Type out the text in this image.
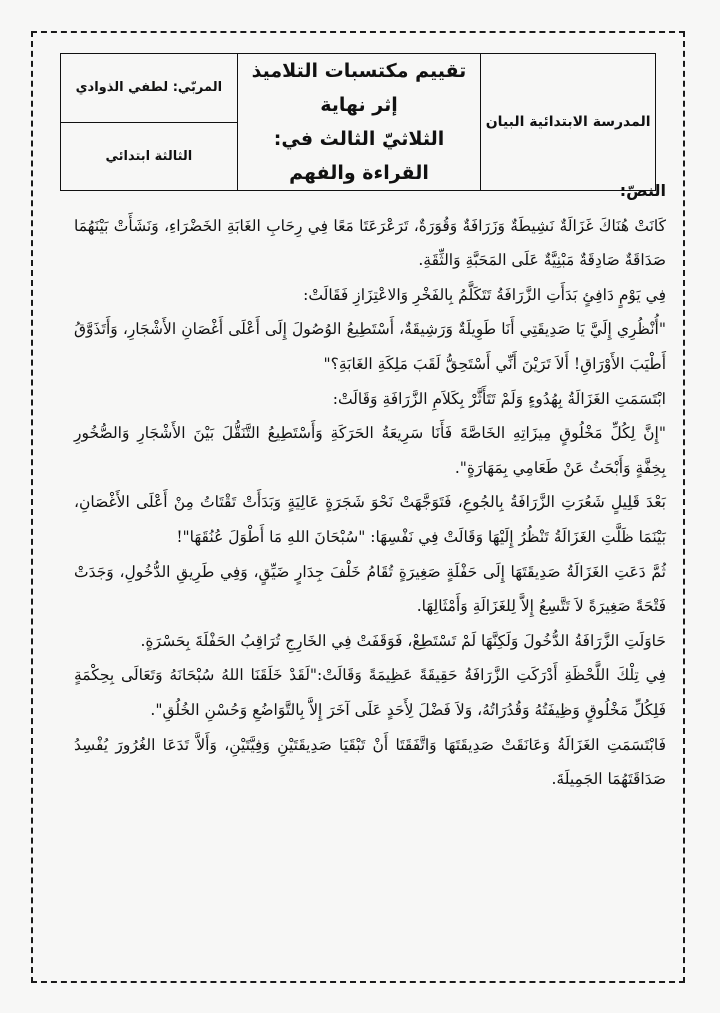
المدرسة الابتدائية البيان	
تقييم مكتسبات التلاميذ إثر نهاية
الثلاثيّ الثالث في: القراءة والفهم
	المربّي: لطفي الذوادي
الثالثة ابتدائي
النصّ:

كَانَتْ هُنَاكَ غَزَالَةٌ نَشِيطَةٌ وَزَرَافَةٌ وَقُوَرَةٌ، تَرَعْرَعَتَا مَعًا فِي رِحَابِ الغَابَةِ الخَضْرَاءِ، وَنَشَأَتْ بَيْنَهُمَا صَدَاقَةٌ صَادِقَةٌ مَبْنِيَّةٌ عَلَى المَحَبَّةِ وَالثِّقَةِ.

فِي يَوْمٍ دَافِئٍ بَدَأَتِ الزَّرَافَةُ تَتَكَلَّمُ بِالفَخْرِ وَالاعْتِزَازِ فَقَالَتْ:

"أُنْظُرِي إِلَيَّ يَا صَدِيقَتِي أَنَا طَوِيلَةٌ وَرَشِيقَةٌ، أَسْتَطِيعُ الوُصُولَ إِلَى أَعْلَى أَغْصَانِ الأَشْجَارِ، وَأَتَذَوَّقُ أَطْيَبَ الأَوْرَاقِ! أَلاَ تَرَيْنَ أَنِّي أَسْتَحِقُّ لَقَبَ مَلِكَةِ الغَابَةِ؟"

ابْتَسَمَتِ الغَزَالَةُ بِهُدُوءٍ وَلَمْ تَتَأَثَّرْ بِكَلاَمِ الزَّرَافَةِ وَقَالَتْ:

"إِنَّ لِكُلِّ مَخْلُوقٍ مِيزَاتِهِ الخَاصَّةَ فَأَنَا سَرِيعَةُ الحَرَكَةِ وَأَسْتَطِيعُ التَّنَقُّلَ بَيْنَ الأَشْجَارِ وَالصُّخُورِ بِخِفَّةٍ وَأَبْحَثُ عَنْ طَعَامِي بِمَهَارَةٍ".

بَعْدَ قَلِيلٍ شَعُرَتِ الزَّرَافَةُ بِالجُوعِ، فَتَوَجَّهَتْ نَحْوَ شَجَرَةٍ عَالِيَةٍ وَبَدَأَتْ تَقْتَاتُ مِنْ أَعْلَى الأَغْصَانِ، بَيْنَمَا ظَلَّتِ الغَزَالَةُ تَنْظُرُ إِلَيْهَا وَقَالَتْ فِي نَفْسِهَا: "سُبْحَانَ اللهِ مَا أَطْوَلَ عُنُقَهَا"!

ثُمَّ دَعَتِ الغَزَالَةُ صَدِيقَتَهَا إِلَى حَفْلَةٍ صَغِيرَةٍ تُقَامُ خَلْفَ جِدَارٍ ضَيِّقٍ، وَفِي طَرِيقِ الدُّخُولِ، وَجَدَتْ فَتْحَةً صَغِيرَةً لاَ تَتَّسِعُ إِلاَّ لِلغَزَالَةِ وَأَمْثَالِهَا.

حَاوَلَتِ الزَّرَافَةُ الدُّخُولَ وَلَكِنَّهَا لَمْ تَسْتَطِعْ، فَوَقَفَتْ فِي الخَارِجِ تُرَاقِبُ الحَفْلَةَ بِحَسْرَةٍ.

فِي تِلْكَ اللَّحْظَةِ أَدْرَكَتِ الزَّرَافَةُ حَقِيقَةً عَظِيمَةً وَقَالَتْ:"لَقَدْ خَلَقَنَا اللهُ سُبْحَانَهُ وَتَعَالَى بِحِكْمَةٍ فَلِكُلِّ مَخْلُوقٍ وَظِيفَتُهُ وَقُدُرَاتُهُ، وَلاَ فَضْلَ لِأَحَدٍ عَلَى آخَرَ إِلاَّ بِالتَّوَاضُعِ وَحُسْنِ الخُلُقِ".

فَابْتَسَمَتِ الغَزَالَةُ وَعَانَقَتْ صَدِيقَتَهَا وَاتَّفَقَتَا أَنْ تَبْقَيَا صَدِيقَتَيْنِ وَفِيَّتَيْنِ، وَأَلاَّ تَدَعَا الغُرُورَ يُفْسِدُ صَدَاقَتَهُمَا الجَمِيلَةَ.
